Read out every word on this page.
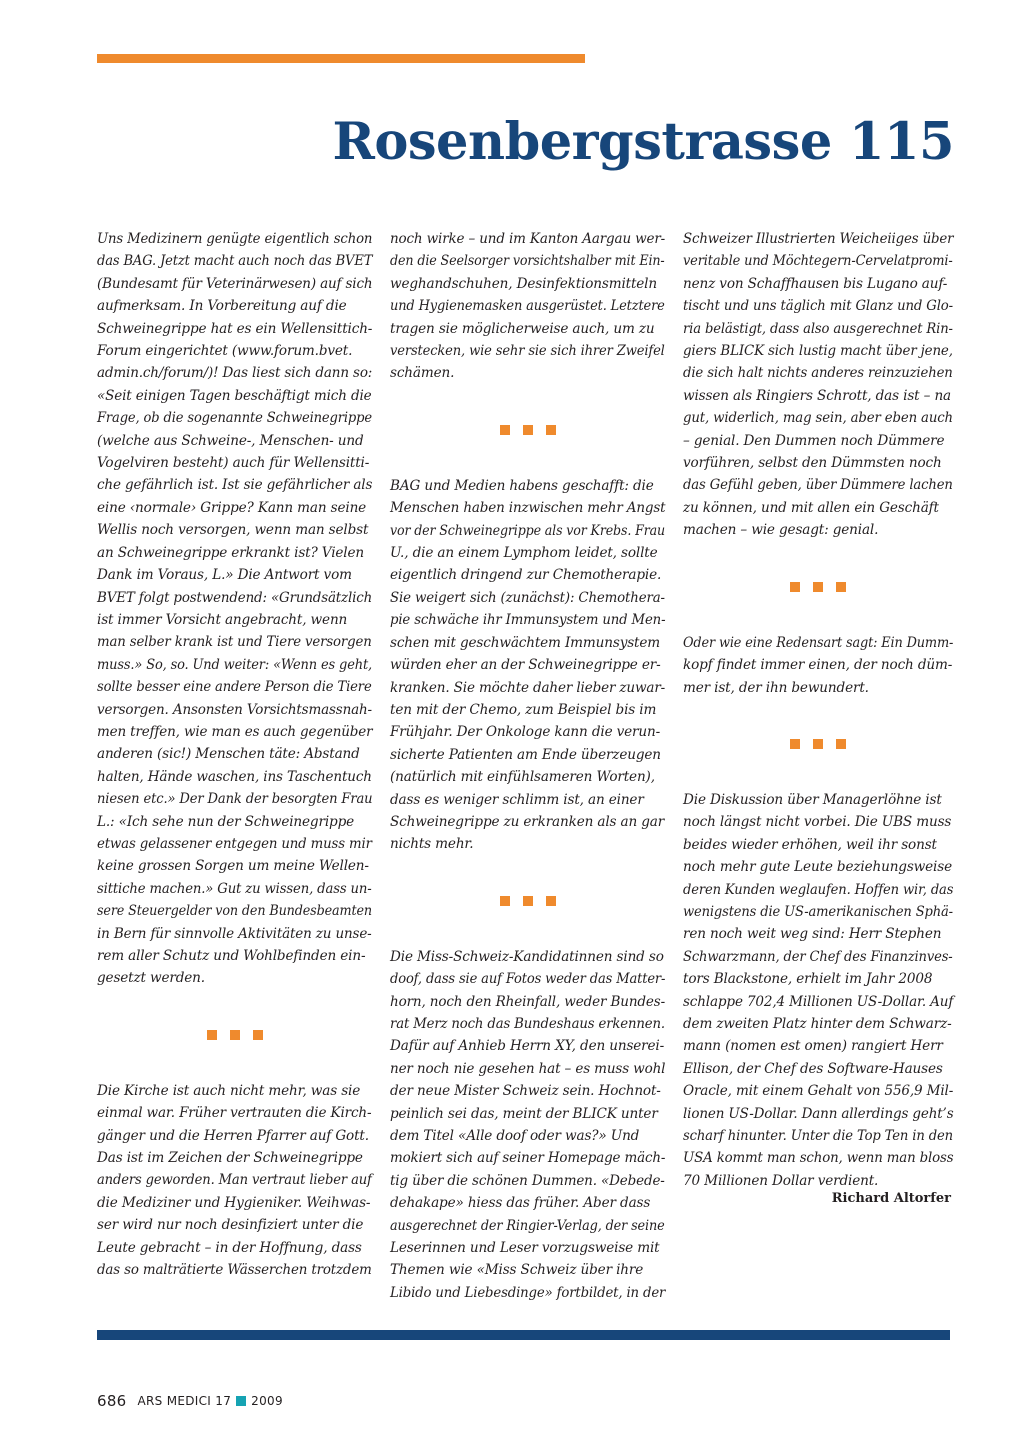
Rosenbergstrasse 115

Uns Medizinern genügte eigentlich schon
das BAG. Jetzt macht auch noch das BVET
(Bundesamt für Veterinärwesen) auf sich
aufmerksam. In Vorbereitung auf die
Schweinegrippe hat es ein Wellensittich-
Forum eingerichtet (www.forum.bvet.
admin.ch/forum/)! Das liest sich dann so:
«Seit einigen Tagen beschäftigt mich die
Frage, ob die sogenannte Schweinegrippe
(welche aus Schweine-, Menschen- und
Vogelviren besteht) auch für Wellensitti-
che gefährlich ist. Ist sie gefährlicher als
eine ‹normale› Grippe? Kann man seine
Wellis noch versorgen, wenn man selbst
an Schweinegrippe erkrankt ist? Vielen
Dank im Voraus, L.» Die Antwort vom
BVET folgt postwendend: «Grundsätzlich
ist immer Vorsicht angebracht, wenn
man selber krank ist und Tiere versorgen
muss.» So, so. Und weiter: «Wenn es geht,
sollte besser eine andere Person die Tiere
versorgen. Ansonsten Vorsichtsmassnah-
men treffen, wie man es auch gegenüber
anderen (sic!) Menschen täte: Abstand
halten, Hände waschen, ins Taschentuch
niesen etc.» Der Dank der besorgten Frau
L.: «Ich sehe nun der Schweinegrippe
etwas gelassener entgegen und muss mir
keine grossen Sorgen um meine Wellen-
sittiche machen.» Gut zu wissen, dass un-
sere Steuergelder von den Bundesbeamten
in Bern für sinnvolle Aktivitäten zu unse-
rem aller Schutz und Wohlbefinden ein-
gesetzt werden.

Die Kirche ist auch nicht mehr, was sie
einmal war. Früher vertrauten die Kirch-
gänger und die Herren Pfarrer auf Gott.
Das ist im Zeichen der Schweinegrippe
anders geworden. Man vertraut lieber auf
die Mediziner und Hygieniker. Weihwas-
ser wird nur noch desinfiziert unter die
Leute gebracht – in der Hoffnung, dass
das so malträtierte Wässerchen trotzdem

noch wirke – und im Kanton Aargau wer-
den die Seelsorger vorsichtshalber mit Ein-
weghandschuhen, Desinfektionsmitteln
und Hygienemasken ausgerüstet. Letztere
tragen sie möglicherweise auch, um zu
verstecken, wie sehr sie sich ihrer Zweifel
schämen.

BAG und Medien habens geschafft: die
Menschen haben inzwischen mehr Angst
vor der Schweinegrippe als vor Krebs. Frau
U., die an einem Lymphom leidet, sollte
eigentlich dringend zur Chemotherapie.
Sie weigert sich (zunächst): Chemothera-
pie schwäche ihr Immunsystem und Men-
schen mit geschwächtem Immunsystem
würden eher an der Schweinegrippe er-
kranken. Sie möchte daher lieber zuwar-
ten mit der Chemo, zum Beispiel bis im
Frühjahr. Der Onkologe kann die verun-
sicherte Patienten am Ende überzeugen
(natürlich mit einfühlsameren Worten),
dass es weniger schlimm ist, an einer
Schweinegrippe zu erkranken als an gar
nichts mehr.

Die Miss-Schweiz-Kandidatinnen sind so
doof, dass sie auf Fotos weder das Matter-
horn, noch den Rheinfall, weder Bundes-
rat Merz noch das Bundeshaus erkennen.
Dafür auf Anhieb Herrn XY, den unserei-
ner noch nie gesehen hat – es muss wohl
der neue Mister Schweiz sein. Hochnot-
peinlich sei das, meint der BLICK unter
dem Titel «Alle doof oder was?» Und
mokiert sich auf seiner Homepage mäch-
tig über die schönen Dummen. «Debede-
dehakape» hiess das früher. Aber dass
ausgerechnet der Ringier-Verlag, der seine
Leserinnen und Leser vorzugsweise mit
Themen wie «Miss Schweiz über ihre
Libido und Liebesdinge» fortbildet, in der

Schweizer Illustrierten Weicheiiges über
veritable und Möchtegern-Cervelatpromi-
nenz von Schaffhausen bis Lugano auf-
tischt und uns täglich mit Glanz und Glo-
ria belästigt, dass also ausgerechnet Rin-
giers BLICK sich lustig macht über jene,
die sich halt nichts anderes reinzuziehen
wissen als Ringiers Schrott, das ist – na
gut, widerlich, mag sein, aber eben auch
– genial. Den Dummen noch Dümmere
vorführen, selbst den Dümmsten noch
das Gefühl geben, über Dümmere lachen
zu können, und mit allen ein Geschäft
machen – wie gesagt: genial.

Oder wie eine Redensart sagt: Ein Dumm-
kopf findet immer einen, der noch düm-
mer ist, der ihn bewundert.

Die Diskussion über Managerlöhne ist
noch längst nicht vorbei. Die UBS muss
beides wieder erhöhen, weil ihr sonst
noch mehr gute Leute beziehungsweise
deren Kunden weglaufen. Hoffen wir, das
wenigstens die US-amerikanischen Sphä-
ren noch weit weg sind: Herr Stephen
Schwarzmann, der Chef des Finanzinves-
tors Blackstone, erhielt im Jahr 2008
schlappe 702,4 Millionen US-Dollar. Auf
dem zweiten Platz hinter dem Schwarz-
mann (nomen est omen) rangiert Herr
Ellison, der Chef des Software-Hauses
Oracle, mit einem Gehalt von 556,9 Mil-
lionen US-Dollar. Dann allerdings geht’s
scharf hinunter. Unter die Top Ten in den
USA kommt man schon, wenn man bloss
70 Millionen Dollar verdient.

Richard Altorfer
686 ARS MEDICI 17 2009
